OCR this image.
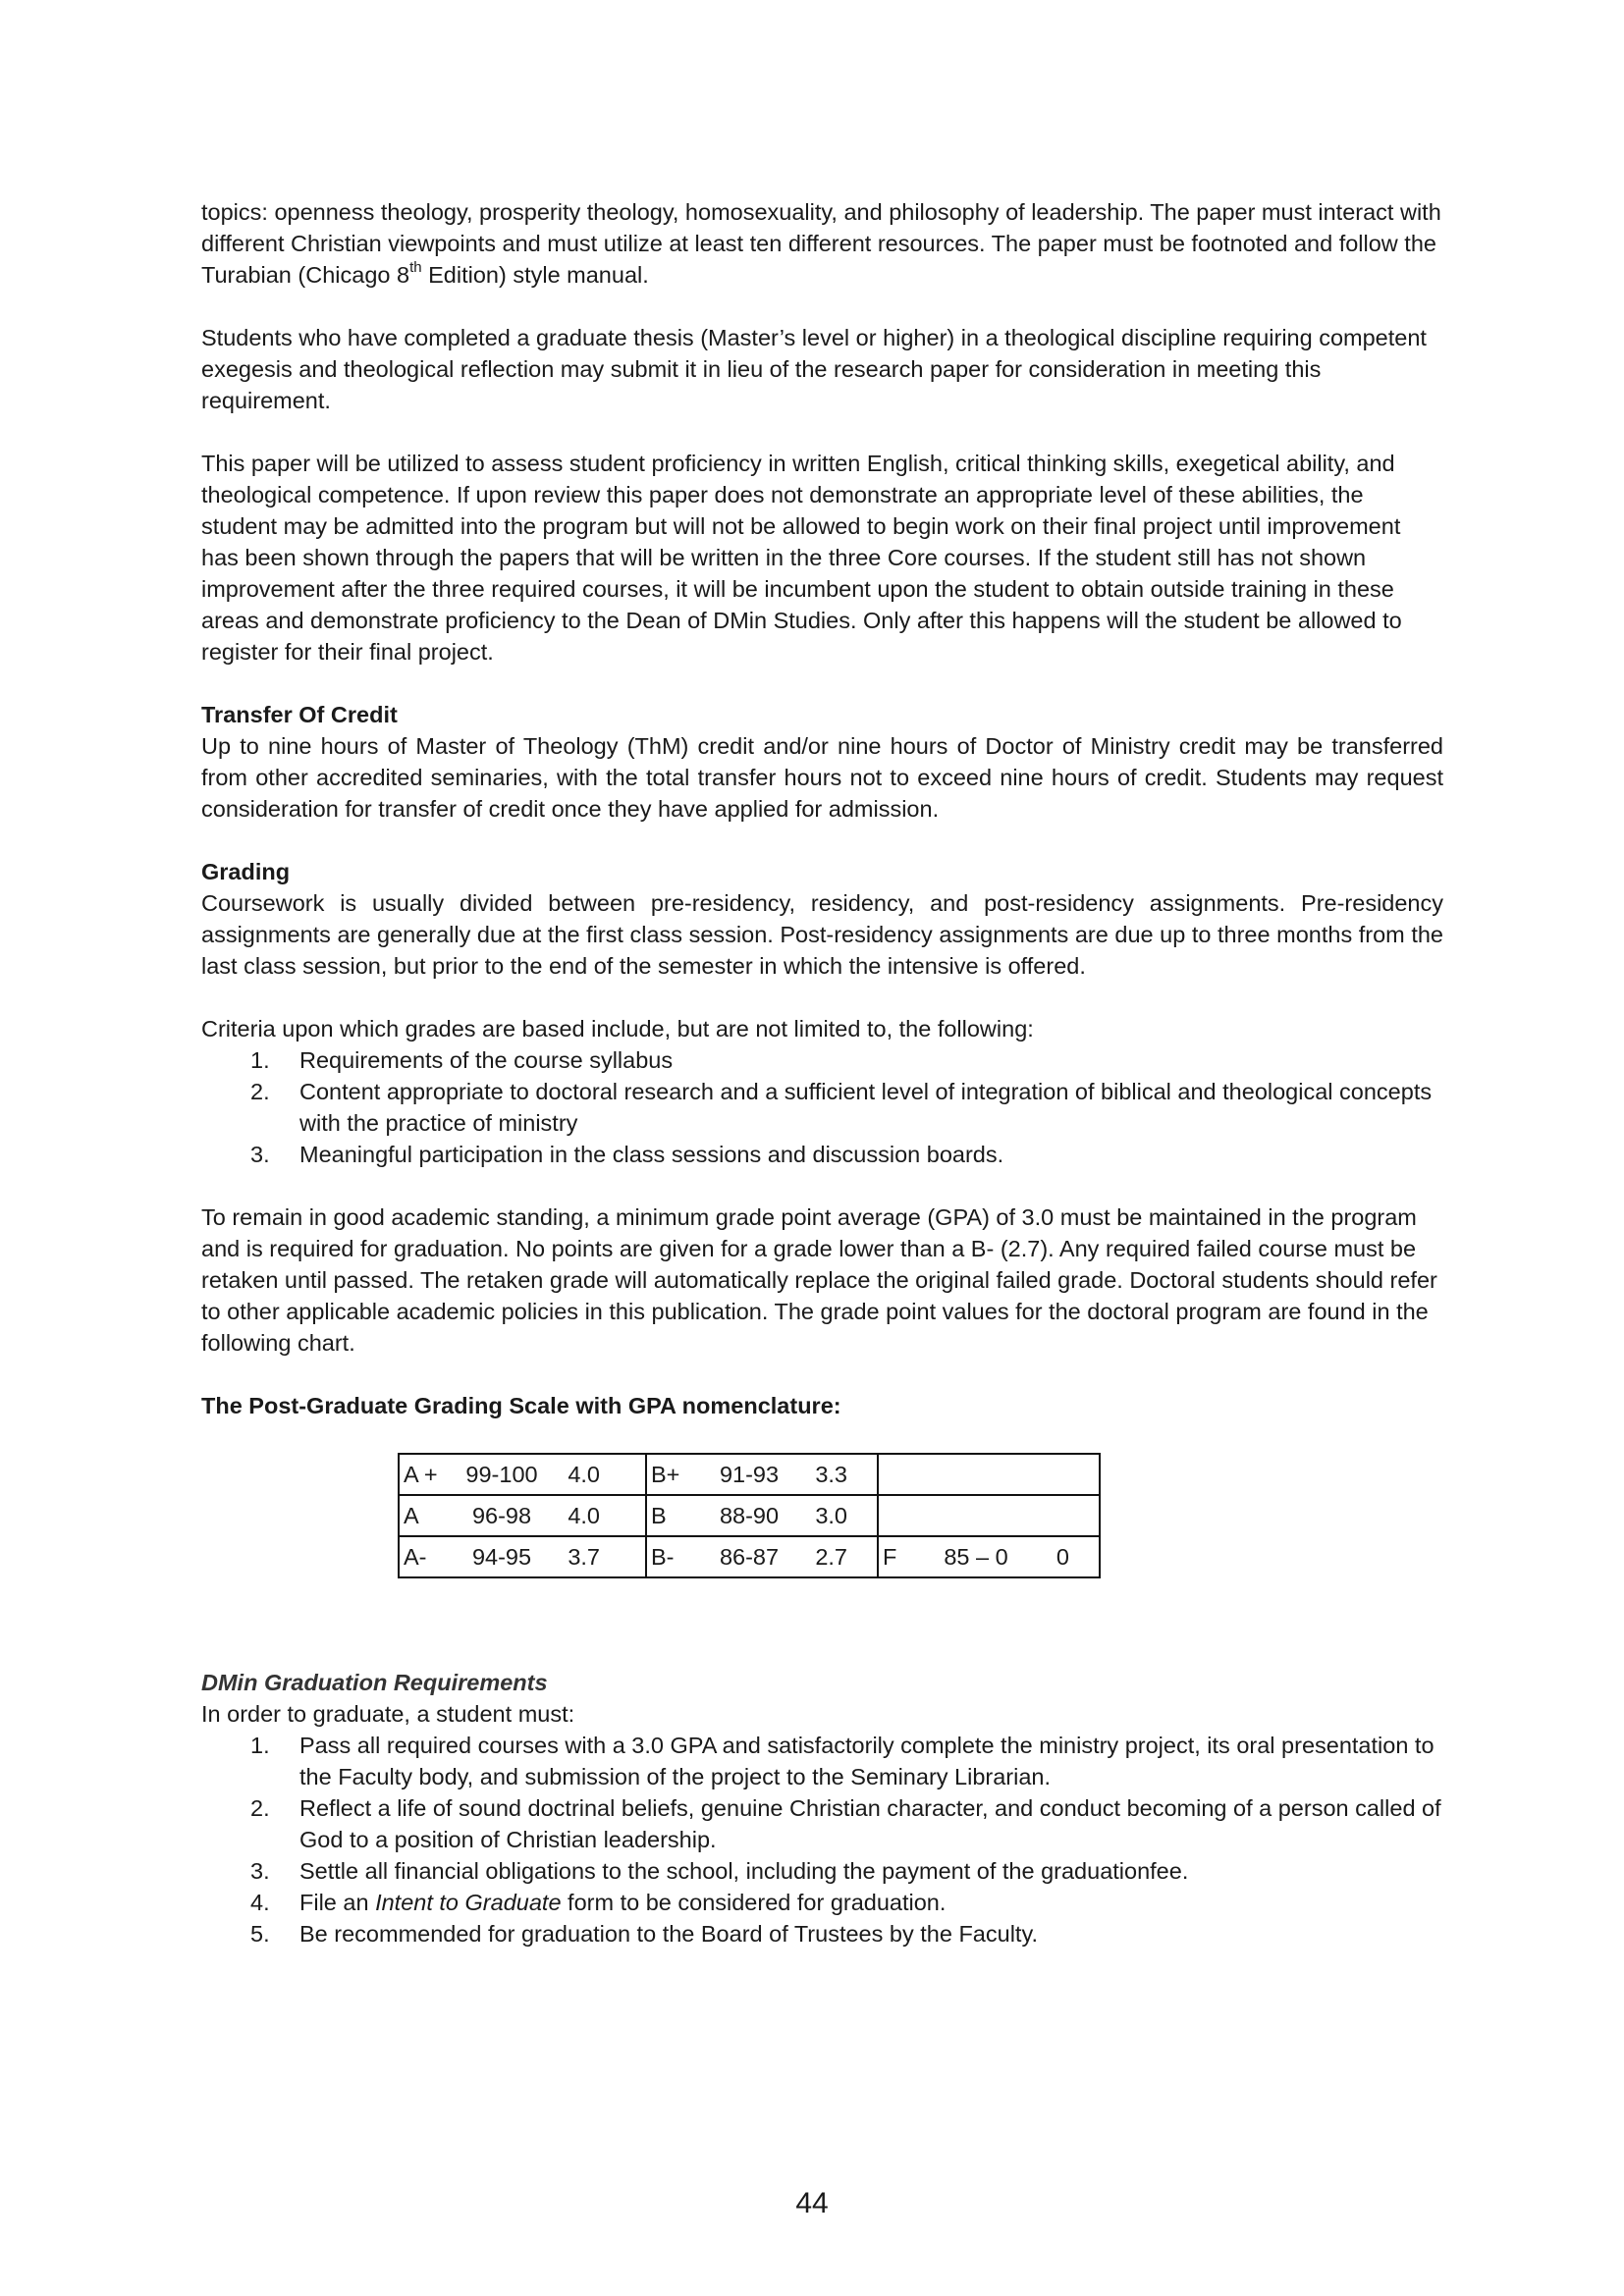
topics: openness theology, prosperity theology, homosexuality, and philosophy of leadership. The paper must interact with different Christian viewpoints and must utilize at least ten different resources. The paper must be footnoted and follow the Turabian (Chicago 8th Edition) style manual.

Students who have completed a graduate thesis (Master’s level or higher) in a theological discipline requiring competent exegesis and theological reflection may submit it in lieu of the research paper for consideration in meeting this requirement.

This paper will be utilized to assess student proficiency in written English, critical thinking skills, exegetical ability, and theological competence. If upon review this paper does not demonstrate an appropriate level of these abilities, the student may be admitted into the program but will not be allowed to begin work on their final project until improvement has been shown through the papers that will be written in the three Core courses. If the student still has not shown improvement after the three required courses, it will be incumbent upon the student to obtain outside training in these areas and demonstrate proficiency to the Dean of DMin Studies. Only after this happens will the student be allowed to register for their final project.

Transfer Of Credit

Up to nine hours of Master of Theology (ThM) credit and/or nine hours of Doctor of Ministry credit may be transferred from other accredited seminaries, with the total transfer hours not to exceed nine hours of credit. Students may request consideration for transfer of credit once they have applied for admission.

Grading

Coursework is usually divided between pre-residency, residency, and post-residency assignments. Pre-residency assignments are generally due at the first class session. Post-residency assignments are due up to three months from the last class session, but prior to the end of the semester in which the intensive is offered.

Criteria upon which grades are based include, but are not limited to, the following:

1. Requirements of the course syllabus
2. Content appropriate to doctoral research and a sufficient level of integration of biblical and theological concepts with the practice of ministry
3. Meaningful participation in the class sessions and discussion boards.

To remain in good academic standing, a minimum grade point average (GPA) of 3.0 must be maintained in the program and is required for graduation. No points are given for a grade lower than a B- (2.7). Any required failed course must be retaken until passed. The retaken grade will automatically replace the original failed grade. Doctoral students should refer to other applicable academic policies in this publication. The grade point values for the doctoral program are found in the following chart.

The Post-Graduate Grading Scale with GPA nomenclature:

A + 99-100 4.0	B+ 91-93 3.3	
A 96-98 4.0	B 88-90 3.0	
A- 94-95 3.7	B- 86-87 2.7	F 85 – 0 0

DMin Graduation Requirements

In order to graduate, a student must:

1. Pass all required courses with a 3.0 GPA and satisfactorily complete the ministry project, its oral presentation to the Faculty body, and submission of the project to the Seminary Librarian.
2. Reflect a life of sound doctrinal beliefs, genuine Christian character, and conduct becoming of a person called of God to a position of Christian leadership.
3. Settle all financial obligations to the school, including the payment of the graduationfee.
4. File an Intent to Graduate form to be considered for graduation.
5. Be recommended for graduation to the Board of Trustees by the Faculty.
44
